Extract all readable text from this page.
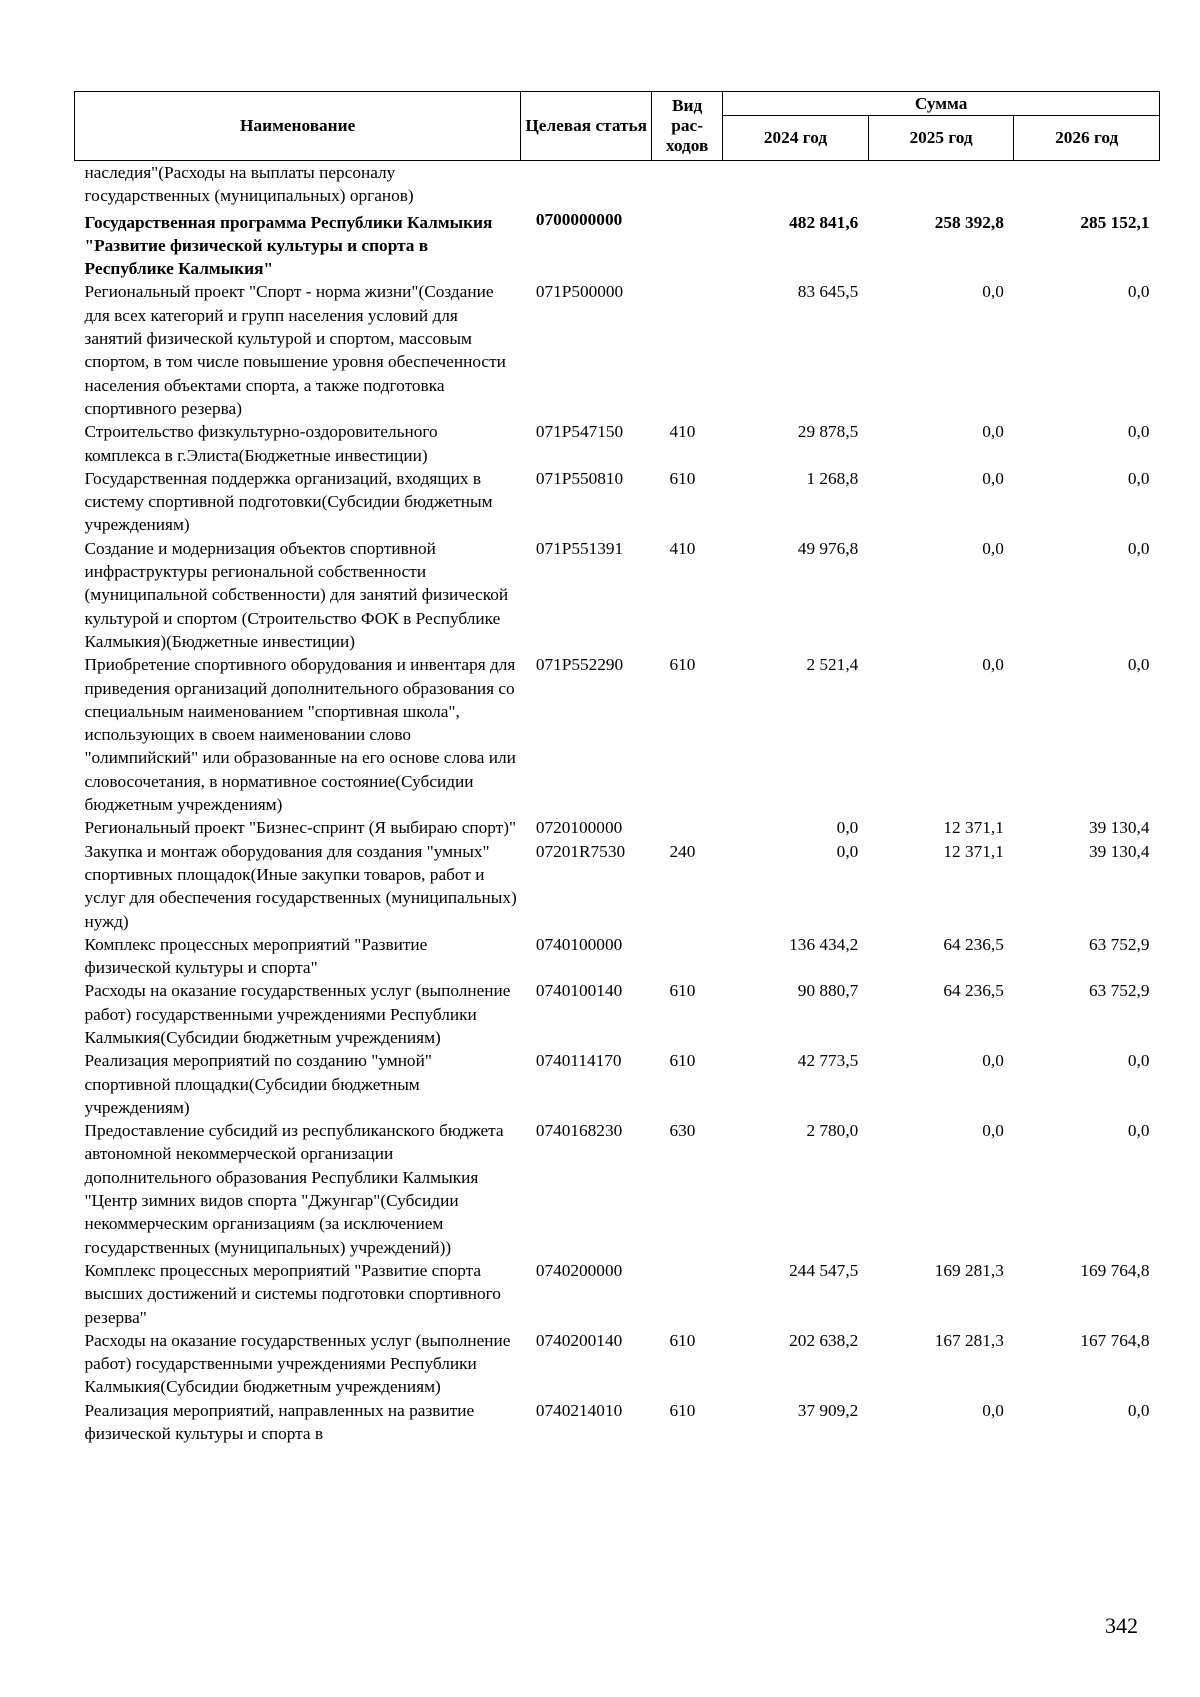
Наименование	Целевая статья	Вид рас-ходов	Сумма		
			2024 год	2025 год	2026 год
наследия"(Расходы на выплаты персоналу государственных (муниципальных) органов)					
Государственная программа Республики Калмыкия "Развитие физической культуры и спорта в Республике Калмыкия"	0700000000		482 841,6	258 392,8	285 152,1
Региональный проект "Спорт - норма жизни"(Создание для всех категорий и групп населения условий для занятий физической культурой и спортом, массовым спортом, в том числе повышение уровня обеспеченности населения объектами спорта, а также подготовка спортивного резерва)	071P500000		83 645,5	0,0	0,0
Строительство физкультурно-оздоровительного комплекса в г.Элиста(Бюджетные инвестиции)	071P547150	410	29 878,5	0,0	0,0
Государственная поддержка организаций, входящих в систему спортивной подготовки(Субсидии бюджетным учреждениям)	071P550810	610	1 268,8	0,0	0,0
Создание и модернизация объектов спортивной инфраструктуры региональной собственности (муниципальной собственности) для занятий физической культурой и спортом (Строительство ФОК в Республике Калмыкия)(Бюджетные инвестиции)	071P551391	410	49 976,8	0,0	0,0
Приобретение спортивного оборудования и инвентаря для приведения организаций дополнительного образования со специальным наименованием "спортивная школа", использующих в своем наименовании слово "олимпийский" или образованные на его основе слова или словосочетания, в нормативное состояние(Субсидии бюджетным учреждениям)	071P552290	610	2 521,4	0,0	0,0
Региональный проект "Бизнес-спринт (Я выбираю спорт)"	0720100000		0,0	12 371,1	39 130,4
Закупка и монтаж оборудования для создания "умных" спортивных площадок(Иные закупки товаров, работ и услуг для обеспечения государственных (муниципальных) нужд)	07201R7530	240	0,0	12 371,1	39 130,4
Комплекс процессных мероприятий "Развитие физической культуры и спорта"	0740100000		136 434,2	64 236,5	63 752,9
Расходы на оказание государственных услуг (выполнение работ) государственными учреждениями Республики Калмыкия(Субсидии бюджетным учреждениям)	0740100140	610	90 880,7	64 236,5	63 752,9
Реализация мероприятий по созданию "умной" спортивной площадки(Субсидии бюджетным учреждениям)	0740114170	610	42 773,5	0,0	0,0
Предоставление субсидий из республиканского бюджета автономной некоммерческой организации дополнительного образования Республики Калмыкия "Центр зимних видов спорта "Джунгар"(Субсидии некоммерческим организациям (за исключением государственных (муниципальных) учреждений))	0740168230	630	2 780,0	0,0	0,0
Комплекс процессных мероприятий "Развитие спорта высших достижений и системы подготовки спортивного резерва"	0740200000		244 547,5	169 281,3	169 764,8
Расходы на оказание государственных услуг (выполнение работ) государственными учреждениями Республики Калмыкия(Субсидии бюджетным учреждениям)	0740200140	610	202 638,2	167 281,3	167 764,8
Реализация мероприятий, направленных на развитие физической культуры и спорта в	0740214010	610	37 909,2	0,0	0,0
342
